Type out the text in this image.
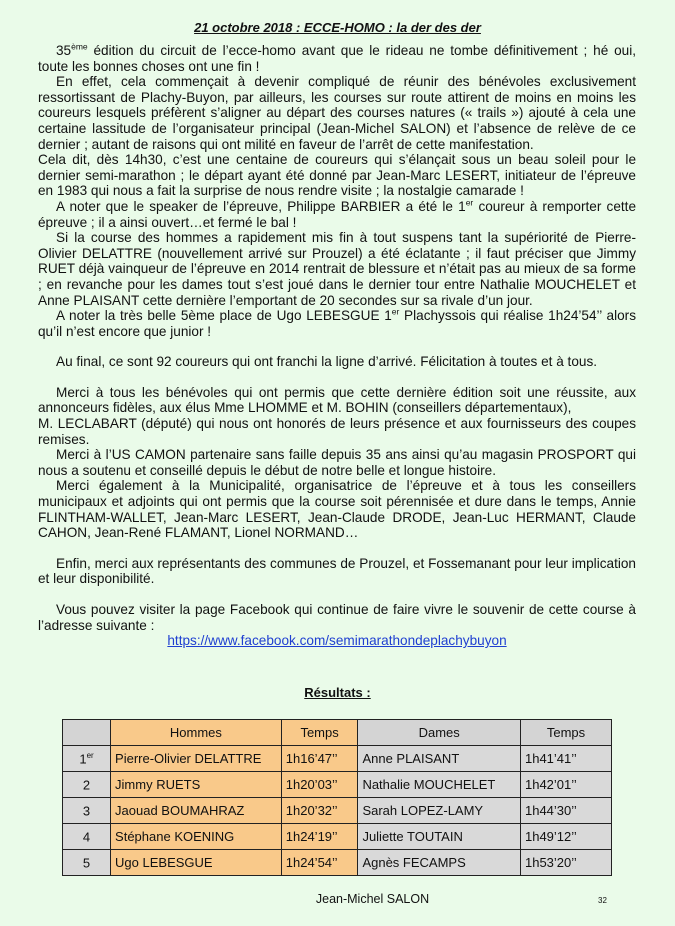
21 octobre 2018 : ECCE-HOMO : la der des der

35ème édition du circuit de l’ecce-homo avant que le rideau ne tombe définitivement ; hé oui, toute les bonnes choses ont une fin !

En effet, cela commençait à devenir compliqué de réunir des bénévoles exclusivement ressortissant de Plachy-Buyon, par ailleurs, les courses sur route attirent de moins en moins les coureurs lesquels préfèrent s’aligner au départ des courses natures (« trails ») ajouté à cela une certaine lassitude de l’organisateur principal (Jean-Michel SALON) et l’absence de relève de ce dernier ; autant de raisons qui ont milité en faveur de l’arrêt de cette manifestation.

Cela dit, dès 14h30, c’est une centaine de coureurs qui s’élançait sous un beau soleil pour le dernier semi-marathon ; le départ ayant été donné par Jean-Marc LESERT, initiateur de l’épreuve en 1983 qui nous a fait la surprise de nous rendre visite ; la nostalgie camarade !

A noter que le speaker de l’épreuve, Philippe BARBIER a été le 1er coureur à remporter cette épreuve ; il a ainsi ouvert…et fermé le bal !

Si la course des hommes a rapidement mis fin à tout suspens tant la supériorité de Pierre-Olivier DELATTRE (nouvellement arrivé sur Prouzel) a été éclatante ; il faut préciser que Jimmy RUET déjà vainqueur de l’épreuve en 2014 rentrait de blessure et n’était pas au mieux de sa forme ; en revanche pour les dames tout s’est joué dans le dernier tour entre Nathalie MOUCHELET et Anne PLAISANT cette dernière l’emportant de 20 secondes sur sa rivale d’un jour.

A noter la très belle 5ème place de Ugo LEBESGUE 1er Plachyssois qui réalise 1h24’54’’ alors qu’il n’est encore que junior !

Au final, ce sont 92 coureurs qui ont franchi la ligne d’arrivé. Félicitation à toutes et à tous.

Merci à tous les bénévoles qui ont permis que cette dernière édition soit une réussite, aux annonceurs fidèles, aux élus Mme LHOMME et M. BOHIN (conseillers départementaux),

M. LECLABART (député) qui nous ont honorés de leurs présence et aux fournisseurs des coupes remises.

Merci à l’US CAMON partenaire sans faille depuis 35 ans ainsi qu’au magasin PROSPORT qui nous a soutenu et conseillé depuis le début de notre belle et longue histoire.

Merci également à la Municipalité, organisatrice de l’épreuve et à tous les conseillers municipaux et adjoints qui ont permis que la course soit pérennisée et dure dans le temps, Annie FLINTHAM-WALLET, Jean-Marc LESERT, Jean-Claude DRODE, Jean-Luc HERMANT, Claude CAHON, Jean-René FLAMANT, Lionel NORMAND…

Enfin, merci aux représentants des communes de Prouzel, et Fossemanant pour leur implication et leur disponibilité.

Vous pouvez visiter la page Facebook qui continue de faire vivre le souvenir de cette course à l’adresse suivante :

https://www.facebook.com/semimarathondeplachybuyon

Résultats :
	Hommes	Temps	Dames	Temps
1er	Pierre-Olivier DELATTRE	1h16’47’’	Anne PLAISANT	1h41’41’’
2	Jimmy RUETS	1h20’03’’	Nathalie MOUCHELET	1h42’01’’
3	Jaouad BOUMAHRAZ	1h20’32’’	Sarah LOPEZ-LAMY	1h44’30’’
4	Stéphane KOENING	1h24’19’’	Juliette TOUTAIN	1h49’12’’
5	Ugo LEBESGUE	1h24’54’’	Agnès FECAMPS	1h53’20’’
Jean-Michel SALON	32
